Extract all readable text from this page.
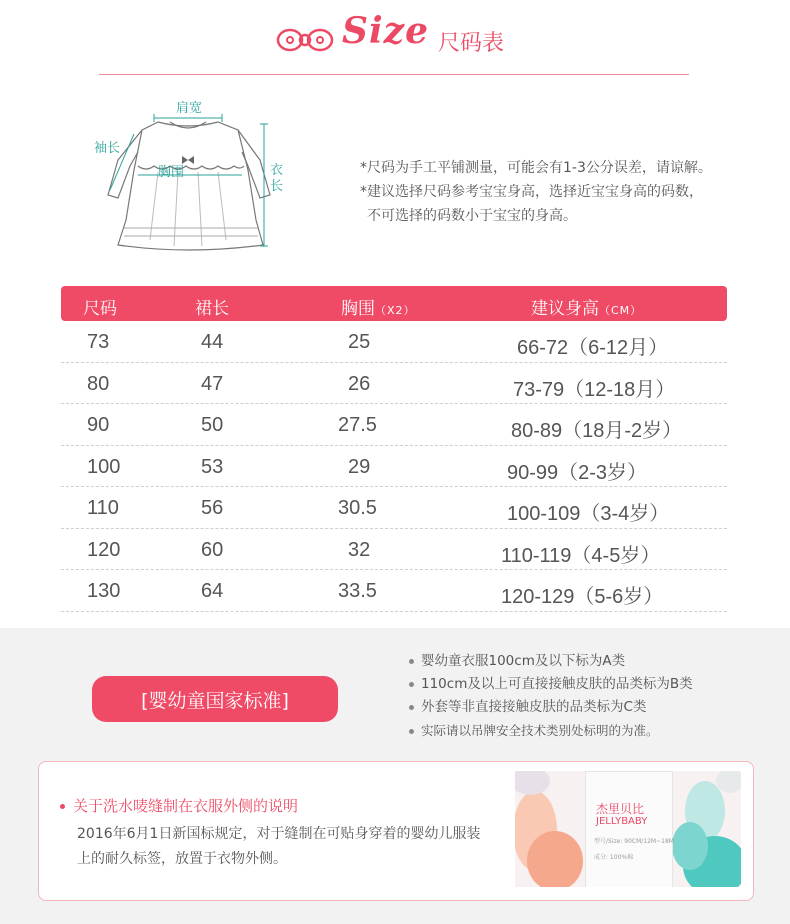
Size 尺码表
肩宽
袖长
胸围	衣
长
*尺码为手工平铺测量，可能会有1-3公分误差，请谅解。
*建议选择尺码参考宝宝身高，选择近宝宝身高的码数，
不可选择的码数小于宝宝的身高。
尺码	裙长	胸围（X2）	建议身高（CM）
73	44	25	66-72（6-12月）
80	47	26	73-79（12-18月）
90	50	27.5	80-89（18月-2岁）
100	53	29	90-99（2-3岁）
110	56	30.5	100-109（3-4岁）
120	60	32	110-119（4-5岁）
130	64	33.5	120-129（5-6岁）
[婴幼童国家标准]
婴幼童衣服100cm及以下标为A类
110cm及以上可直接接触皮肤的品类标为B类
外套等非直接接触皮肤的品类标为C类
实际请以吊牌安全技术类别处标明的为准。
关于洗水唛缝制在衣服外侧的说明
2016年6月1日新国标规定，对于缝制在可贴身穿着的婴幼儿服装上的耐久标签，放置于衣物外侧。
杰里贝比
JELLYBABY
型号/Size: 90CM/12M~18M
成分: 100%棉
